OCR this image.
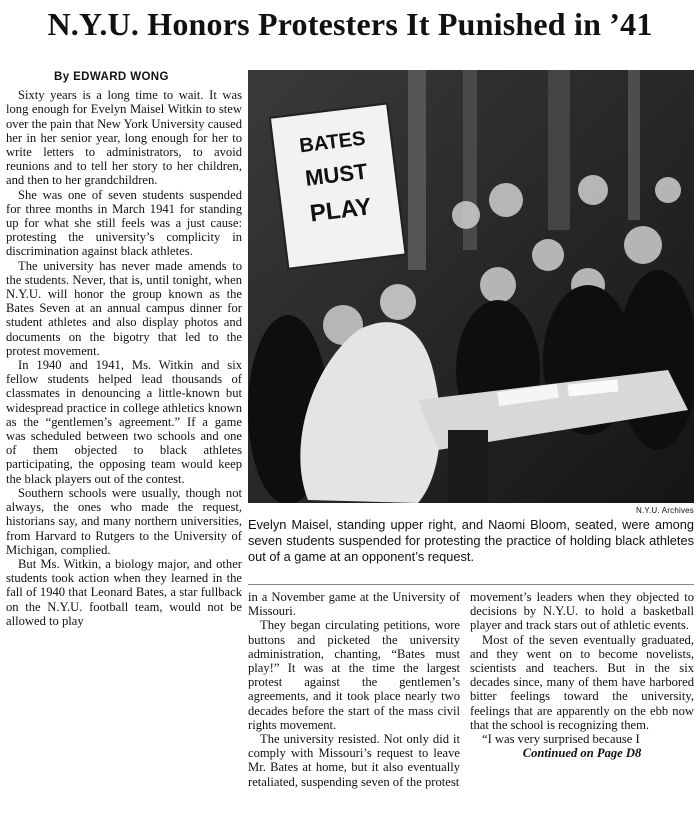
N.Y.U. Honors Protesters It Punished in ’41

By EDWARD WONG

Sixty years is a long time to wait. It was long enough for Evelyn Maisel Witkin to stew over the pain that New York University caused her in her senior year, long enough for her to write letters to administrators, to avoid reunions and to tell her story to her children, and then to her grandchildren.

She was one of seven students suspended for three months in March 1941 for standing up for what she still feels was a just cause: protesting the university’s complicity in discrimination against black athletes.

The university has never made amends to the students. Never, that is, until tonight, when N.Y.U. will honor the group known as the Bates Seven at an annual campus dinner for student athletes and also display photos and documents on the bigotry that led to the protest movement.

In 1940 and 1941, Ms. Witkin and six fellow students helped lead thousands of classmates in denouncing a little-known but widespread practice in college athletics known as the “gentlemen’s agreement.” If a game was scheduled between two schools and one of them objected to black athletes participating, the opposing team would keep the black players out of the contest.

Southern schools were usually, though not always, the ones who made the request, historians say, and many northern universities, from Harvard to Rutgers to the University of Michigan, complied.

But Ms. Witkin, a biology major, and other students took action when they learned in the fall of 1940 that Leonard Bates, a star fullback on the N.Y.U. football team, would not be allowed to play

BATES
MUST
PLAY
N.Y.U. Archives
Evelyn Maisel, standing upper right, and Naomi Bloom, seated, were among seven students suspended for protesting the practice of holding black athletes out of a game at an opponent’s request.

in a November game at the University of Missouri.

They began circulating petitions, wore buttons and picketed the university administration, chanting, “Bates must play!” It was at the time the largest protest against the gentlemen’s agreements, and it took place nearly two decades before the start of the mass civil rights movement.

The university resisted. Not only did it comply with Missouri’s request to leave Mr. Bates at home, but it also eventually retaliated, suspending seven of the protest

movement’s leaders when they objected to decisions by N.Y.U. to hold a basketball player and track stars out of athletic events.

Most of the seven eventually graduated, and they went on to become novelists, scientists and teachers. But in the six decades since, many of them have harbored bitter feelings toward the university, feelings that are apparently on the ebb now that the school is recognizing them.

“I was very surprised because I

Continued on Page D8
